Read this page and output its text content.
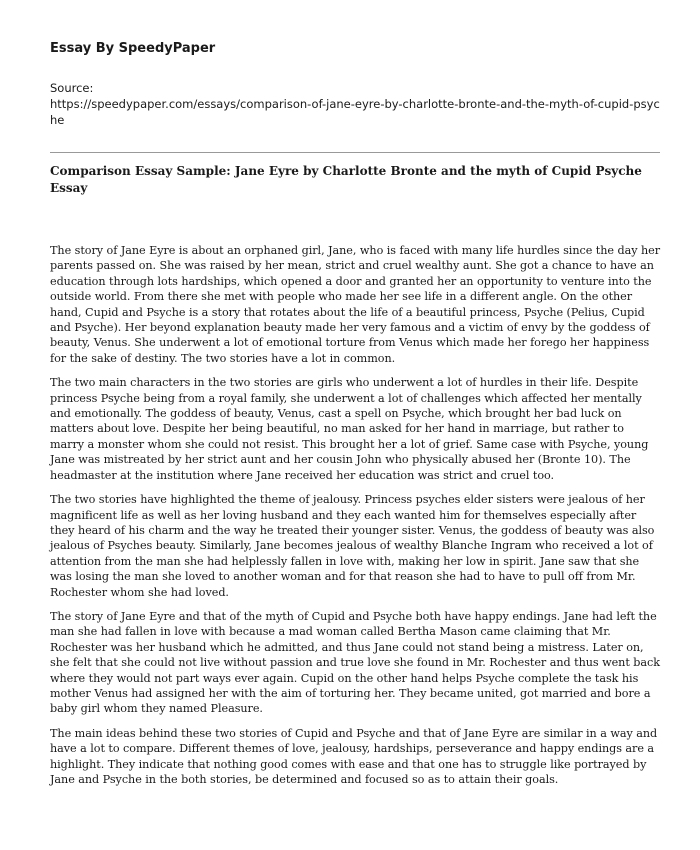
Essay By SpeedyPaper

Source:

https://speedypaper.com/essays/comparison-of-jane-eyre-by-charlotte-bronte-and-the-myth-of-cupid-psyche
Comparison Essay Sample: Jane Eyre by Charlotte Bronte and the myth of Cupid Psyche Essay

The story of Jane Eyre is about an orphaned girl, Jane, who is faced with many life hurdles since the day her parents passed on. She was raised by her mean, strict and cruel wealthy aunt. She got a chance to have an education through lots hardships, which opened a door and granted her an opportunity to venture into the outside world. From there she met with people who made her see life in a different angle. On the other hand, Cupid and Psyche is a story that rotates about the life of a beautiful princess, Psyche (Pelius, Cupid and Psyche). Her beyond explanation beauty made her very famous and a victim of envy by the goddess of beauty, Venus. She underwent a lot of emotional torture from Venus which made her forego her happiness for the sake of destiny. The two stories have a lot in common.

The two main characters in the two stories are girls who underwent a lot of hurdles in their life. Despite princess Psyche being from a royal family, she underwent a lot of challenges which affected her mentally and emotionally. The goddess of beauty, Venus, cast a spell on Psyche, which brought her bad luck on matters about love. Despite her being beautiful, no man asked for her hand in marriage, but rather to marry a monster whom she could not resist. This brought her a lot of grief. Same case with Psyche, young Jane was mistreated by her strict aunt and her cousin John who physically abused her (Bronte 10). The headmaster at the institution where Jane received her education was strict and cruel too.

The two stories have highlighted the theme of jealousy. Princess psyches elder sisters were jealous of her magnificent life as well as her loving husband and they each wanted him for themselves especially after they heard of his charm and the way he treated their younger sister. Venus, the goddess of beauty was also jealous of Psyches beauty. Similarly, Jane becomes jealous of wealthy Blanche Ingram who received a lot of attention from the man she had helplessly fallen in love with, making her low in spirit. Jane saw that she was losing the man she loved to another woman and for that reason she had to have to pull off from Mr. Rochester whom she had loved.

The story of Jane Eyre and that of the myth of Cupid and Psyche both have happy endings. Jane had left the man she had fallen in love with because a mad woman called Bertha Mason came claiming that Mr. Rochester was her husband which he admitted, and thus Jane could not stand being a mistress. Later on, she felt that she could not live without passion and true love she found in Mr. Rochester and thus went back where they would not part ways ever again. Cupid on the other hand helps Psyche complete the task his mother Venus had assigned her with the aim of torturing her. They became united, got married and bore a baby girl whom they named Pleasure.

The main ideas behind these two stories of Cupid and Psyche and that of Jane Eyre are similar in a way and have a lot to compare. Different themes of love, jealousy, hardships, perseverance and happy endings are a highlight. They indicate that nothing good comes with ease and that one has to struggle like portrayed by Jane and Psyche in the both stories, be determined and focused so as to attain their goals.
